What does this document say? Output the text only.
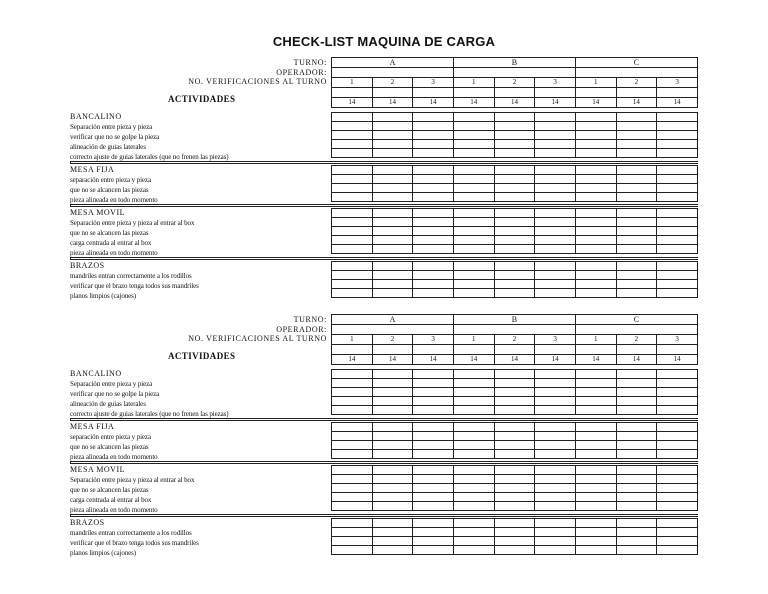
CHECK-LIST MAQUINA DE CARGA
TURNO:
OPERADOR:
NO. VERIFICACIONES AL TURNO
ACTIVIDADES
A			B			C		

1	2	3	1	2	3	1	2	3

14	14	14	14	14	14	14	14	14
BANCALINO
Separación entre pieza y pieza
verificar que no se golpe la pieza
alineación de guias laterales
correcto ajuste de guias laterales (que no frenen las piezas)

MESA FIJA
separación entre pieza y pieza
que no se alcancen las piezas
pieza alineada en todo momento

MESA MOVIL
Separación entre pieza y pieza al entrar al box
que no se alcancen las piezas
carga centrada al entrar al box
pieza alineada en todo momento

BRAZOS
mandriles entran correctamente a los rodillos
verificar que el brazo tenga todos sus mandriles
planos limpios (cajones)

TURNO:
OPERADOR:
NO. VERIFICACIONES AL TURNO
ACTIVIDADES
A			B			C		

1	2	3	1	2	3	1	2	3

14	14	14	14	14	14	14	14	14
BANCALINO
Separación entre pieza y pieza
verificar que no se golpe la pieza
alineación de guias laterales
correcto ajuste de guias laterales (que no frenen las piezas)

MESA FIJA
separación entre pieza y pieza
que no se alcancen las piezas
pieza alineada en todo momento

MESA MOVIL
Separación entre pieza y pieza al entrar al box
que no se alcancen las piezas
carga centrada al entrar al box
pieza alineada en todo momento

BRAZOS
mandriles entran correctamente a los rodillos
verificar que el brazo tenga todos sus mandriles
planos limpios (cajones)
